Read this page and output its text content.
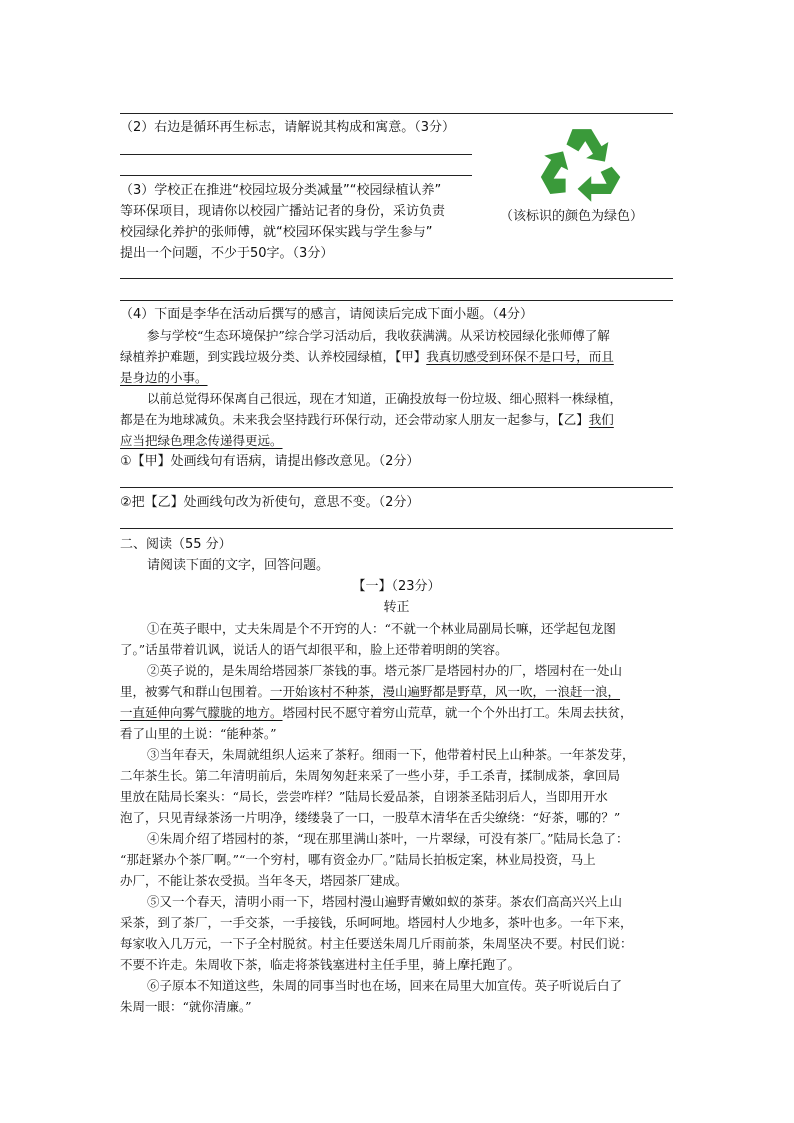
（2）右边是循环再生标志，请解说其构成和寓意。（3分）
（3）学校正在推进“校园垃圾分类减量”“校园绿植认养”
等环保项目，现请你以校园广播站记者的身份，采访负责
校园绿化养护的张师傅，就“校园环保实践与学生参与”
提出一个问题，不少于50字。（3分）
（该标识的颜色为绿色）
（4）下面是李华在活动后撰写的感言，请阅读后完成下面小题。（4分）
参与学校“生态环境保护”综合学习活动后，我收获满满。从采访校园绿化张师傅了解
绿植养护难题，到实践垃圾分类、认养校园绿植，【甲】我真切感受到环保不是口号，而且
是身边的小事。
以前总觉得环保离自己很远，现在才知道，正确投放每一份垃圾、细心照料一株绿植，
都是在为地球减负。未来我会坚持践行环保行动，还会带动家人朋友一起参与，【乙】我们
应当把绿色理念传递得更远。
①【甲】处画线句有语病，请提出修改意见。（2分）
②把【乙】处画线句改为祈使句，意思不变。（2分）
二、阅读（55 分）
请阅读下面的文字，回答问题。
【一】（23分）
转正
①在英子眼中，丈夫朱周是个不开窍的人：“不就一个林业局副局长嘛，还学起包龙图
了。”话虽带着讥讽，说话人的语气却很平和，脸上还带着明朗的笑容。
②英子说的，是朱周给塔园茶厂茶钱的事。塔元茶厂是塔园村办的厂，塔园村在一处山
里，被雾气和群山包围着。一开始该村不种茶，漫山遍野都是野草，风一吹，一浪赶一浪，
一直延伸向雾气朦胧的地方。塔园村民不愿守着穷山荒草，就一个个外出打工。朱周去扶贫，
看了山里的土说：“能种茶。”
③当年春天，朱周就组织人运来了茶籽。细雨一下，他带着村民上山种茶。一年茶发芽，
二年茶生长。第二年清明前后，朱周匆匆赶来采了一些小芽，手工杀青，揉制成茶，拿回局
里放在陆局长案头：“局长，尝尝咋样？”陆局长爱品茶，自诩茶圣陆羽后人，当即用开水
泡了，只见青绿茶汤一片明净，缕缕袅了一口，一股草木清华在舌尖缭绕：“好茶，哪的？”
④朱周介绍了塔园村的茶，“现在那里满山茶叶，一片翠绿，可没有茶厂。”陆局长急了：
“那赶紧办个茶厂啊。”“一个穷村，哪有资金办厂。”陆局长拍板定案，林业局投资，马上
办厂，不能让茶农受损。当年冬天，塔园茶厂建成。
⑤又一个春天，清明小雨一下，塔园村漫山遍野青嫩如蚁的茶芽。茶农们高高兴兴上山
采茶，到了茶厂，一手交茶，一手接钱，乐呵呵地。塔园村人少地多，茶叶也多。一年下来，
每家收入几万元，一下子全村脱贫。村主任要送朱周几斤雨前茶，朱周坚决不要。村民们说：
不要不许走。朱周收下茶，临走将茶钱塞进村主任手里，骑上摩托跑了。
⑥子原本不知道这些，朱周的同事当时也在场，回来在局里大加宣传。英子听说后白了
朱周一眼：“就你清廉。”
